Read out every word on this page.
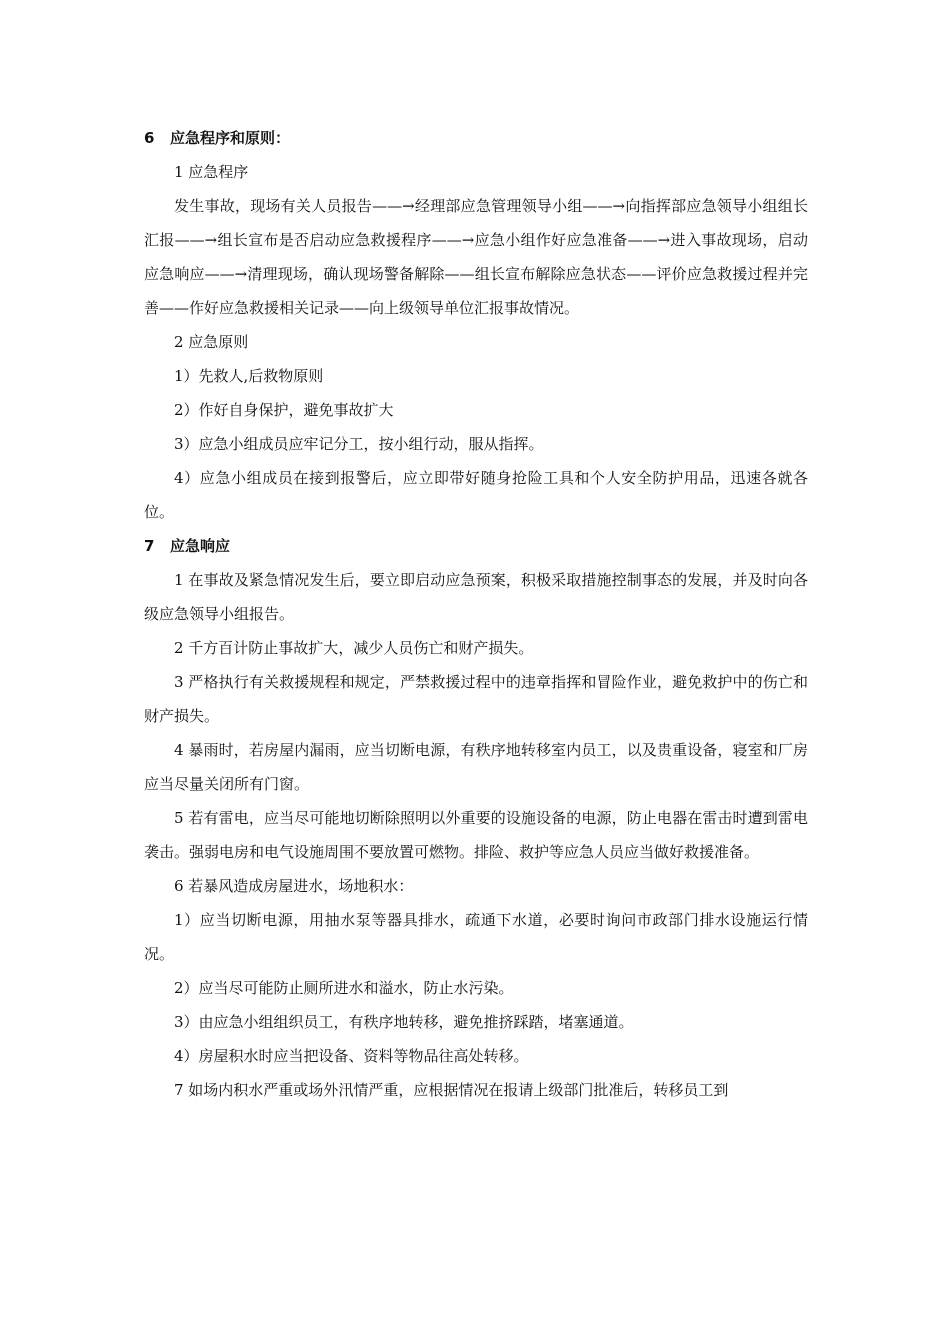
6 应急程序和原则：

1 应急程序

发生事故，现场有关人员报告——→经理部应急管理领导小组——→向指挥部应急领导小组组长汇报——→组长宣布是否启动应急救援程序——→应急小组作好应急准备——→进入事故现场，启动应急响应——→清理现场，确认现场警备解除——组长宣布解除应急状态——评价应急救援过程并完善——作好应急救援相关记录——向上级领导单位汇报事故情况。

2 应急原则

1）先救人,后救物原则

2）作好自身保护，避免事故扩大

3）应急小组成员应牢记分工，按小组行动，服从指挥。

4）应急小组成员在接到报警后，应立即带好随身抢险工具和个人安全防护用品，迅速各就各位。

7 应急响应

1 在事故及紧急情况发生后，要立即启动应急预案，积极采取措施控制事态的发展，并及时向各级应急领导小组报告。

2 千方百计防止事故扩大，减少人员伤亡和财产损失。

3 严格执行有关救援规程和规定，严禁救援过程中的违章指挥和冒险作业，避免救护中的伤亡和财产损失。

4 暴雨时，若房屋内漏雨，应当切断电源，有秩序地转移室内员工，以及贵重设备，寝室和厂房应当尽量关闭所有门窗。

5 若有雷电，应当尽可能地切断除照明以外重要的设施设备的电源，防止电器在雷击时遭到雷电袭击。强弱电房和电气设施周围不要放置可燃物。排险、救护等应急人员应当做好救援准备。

6 若暴风造成房屋进水，场地积水：

1）应当切断电源，用抽水泵等器具排水，疏通下水道，必要时询问市政部门排水设施运行情况。

2）应当尽可能防止厕所进水和溢水，防止水污染。

3）由应急小组组织员工，有秩序地转移，避免推挤踩踏，堵塞通道。

4）房屋积水时应当把设备、资料等物品往高处转移。

7 如场内积水严重或场外汛情严重，应根据情况在报请上级部门批准后，转移员工到
